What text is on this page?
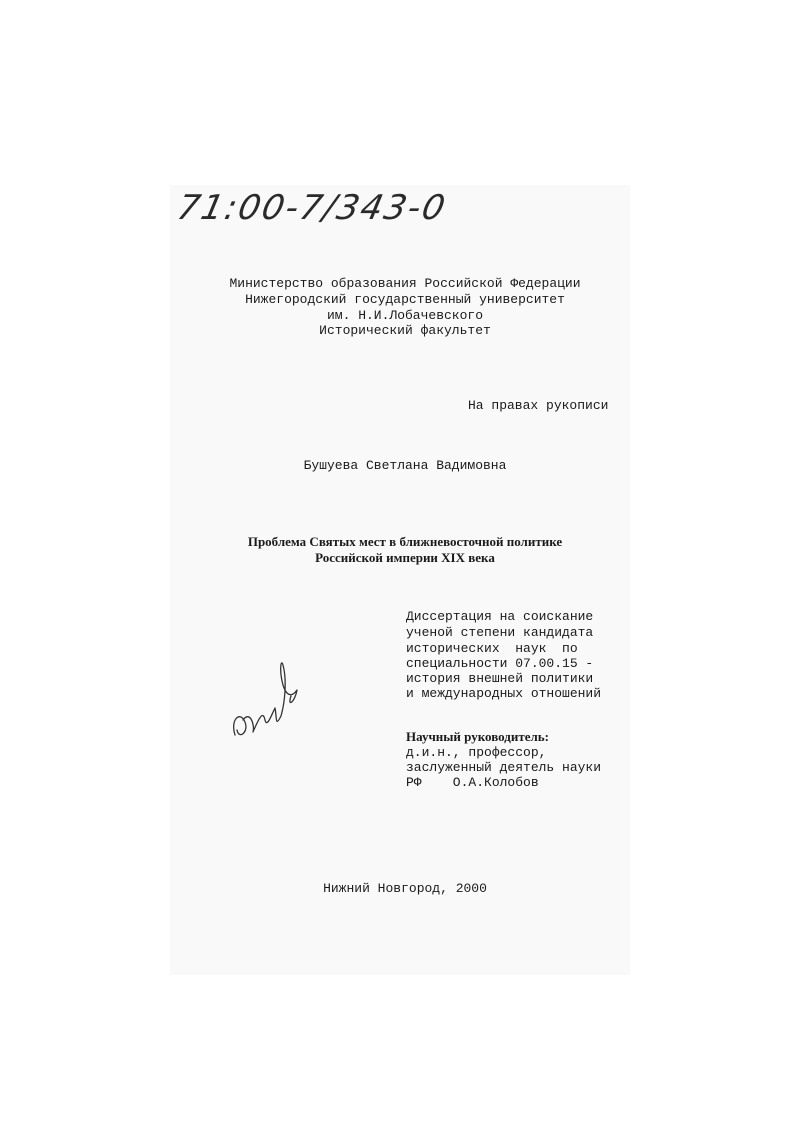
71:00-7/343-0

Министерство образования Российской Федерации

Нижегородский государственный университет

им. Н.И.Лобачевского

Исторический факультет

На правах рукописи

Бушуева Светлана Вадимовна

Проблема Святых мест в ближневосточной политике

Российской империи XIX века

Диссертация на соискание

ученой степени кандидата

исторических  наук  по

специальности 07.00.15 -

история внешней политики

и международных отношений

Научный руководитель:

д.и.н., профессор,

заслуженный деятель науки

РФ    О.А.Колобов

Нижний Новгород, 2000
